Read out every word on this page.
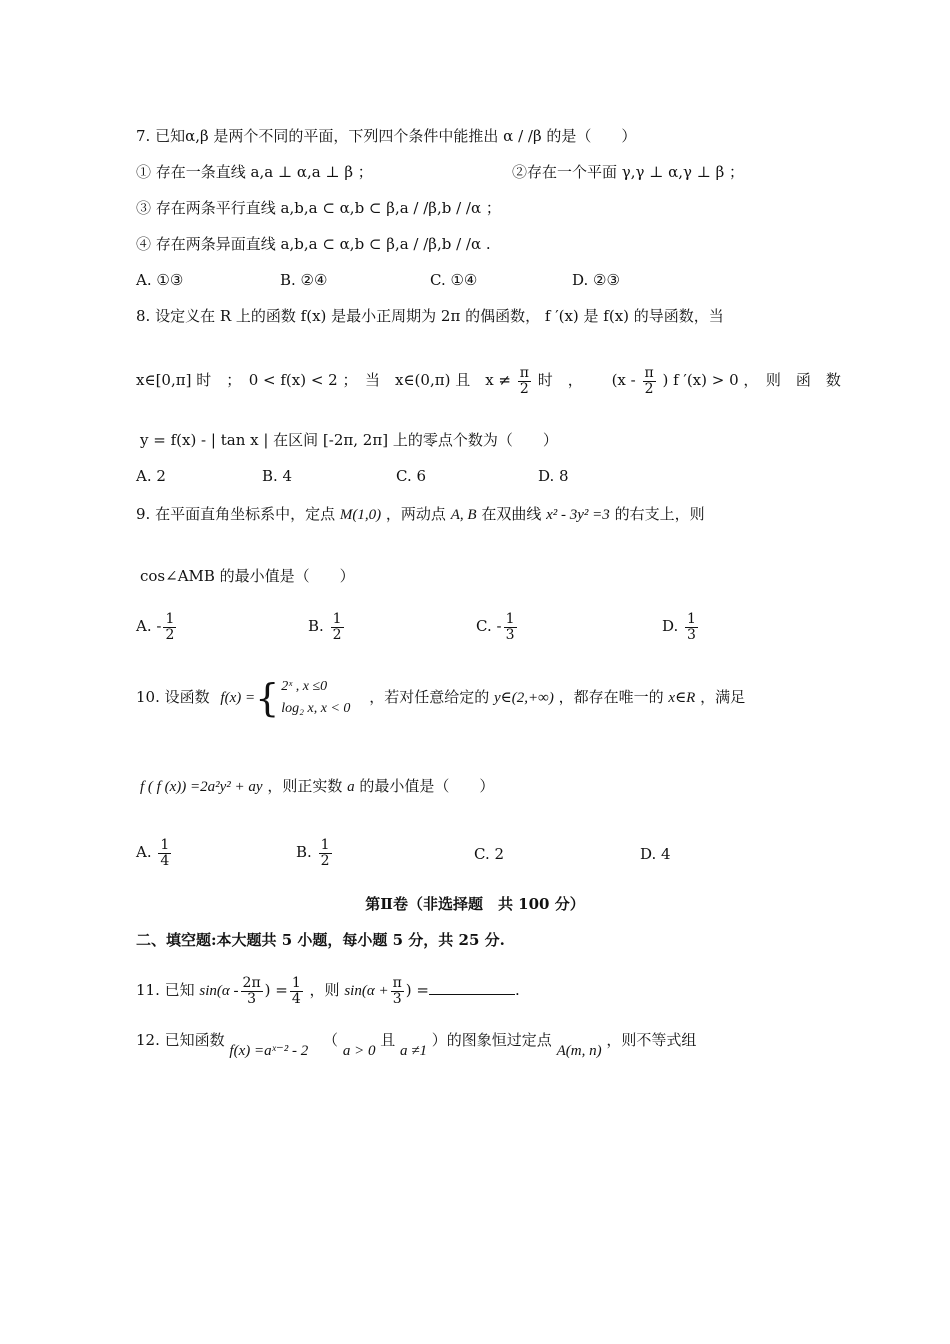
7. 已知α,β 是两个不同的平面，下列四个条件中能推出 α / /β 的是（　　）
① 存在一条直线 a,a ⊥ α,a ⊥ β ；	②存在一个平面 γ,γ ⊥ α,γ ⊥ β ；
③ 存在两条平行直线 a,b,a ⊂ α,b ⊂ β,a / /β,b / /α ；
④ 存在两条异面直线 a,b,a ⊂ α,b ⊂ β,a / /β,b / /α .
A. ①③	B. ②④	C. ①④	D. ②③
8. 设定义在 R 上的函数 f(x) 是最小正周期为 2π 的偶函数， f ′(x) 是 f(x) 的导函数，当
x∈[0,π] 时　；　0 < f(x) < 2 ；　当　x∈(0,π) 且　$x \ne \frac{\pi}{2}$ 时　， ($x - \frac{\pi}{2}$ ) f ′(x) > 0 ，　则　函　数
y = f(x) - | tan x | 在区间 [-2π, 2π] 上的零点个数为（　　）
A. 2	B. 4	C. 6	D. 8
9. 在平面直角坐标系中，定点 M(1,0) ，两动点 A, B 在双曲线 x² - 3y² =3 的右支上，则
cos∠AMB 的最小值是（　　）
A. - $\frac{1}{2}$	B. $\frac{1}{2}$	C. - $\frac{1}{3}$	D. $\frac{1}{3}$
10. 设函数 f(x) ={ 2ˣ , x ≤0
log₂ x, x < 0
，若对任意给定的 y∈(2,+∞) ，都存在唯一的 x∈R ，满足
f ( f (x)) =2a²y² + ay ，则正实数 a 的最小值是（　　）
A. $\frac{1}{4}$	B. $\frac{1}{2}$	C. 2	D. 4
第Ⅱ卷（非选择题　共 100 分）
二、填空题:本大题共 5 小题，每小题 5 分，共 25 分.
11. 已知 $\sin(\alpha - \frac{2\pi}{3}$ ) = $\frac{1}{4}$ ，则 $\sin(\alpha + \frac{\pi}{3}$ ) =	.
12. 已知函数 f(x) =aˣ⁻² - 2 （ a > 0 且 a ≠1 ）的图象恒过定点 A(m, n) ，则不等式组
